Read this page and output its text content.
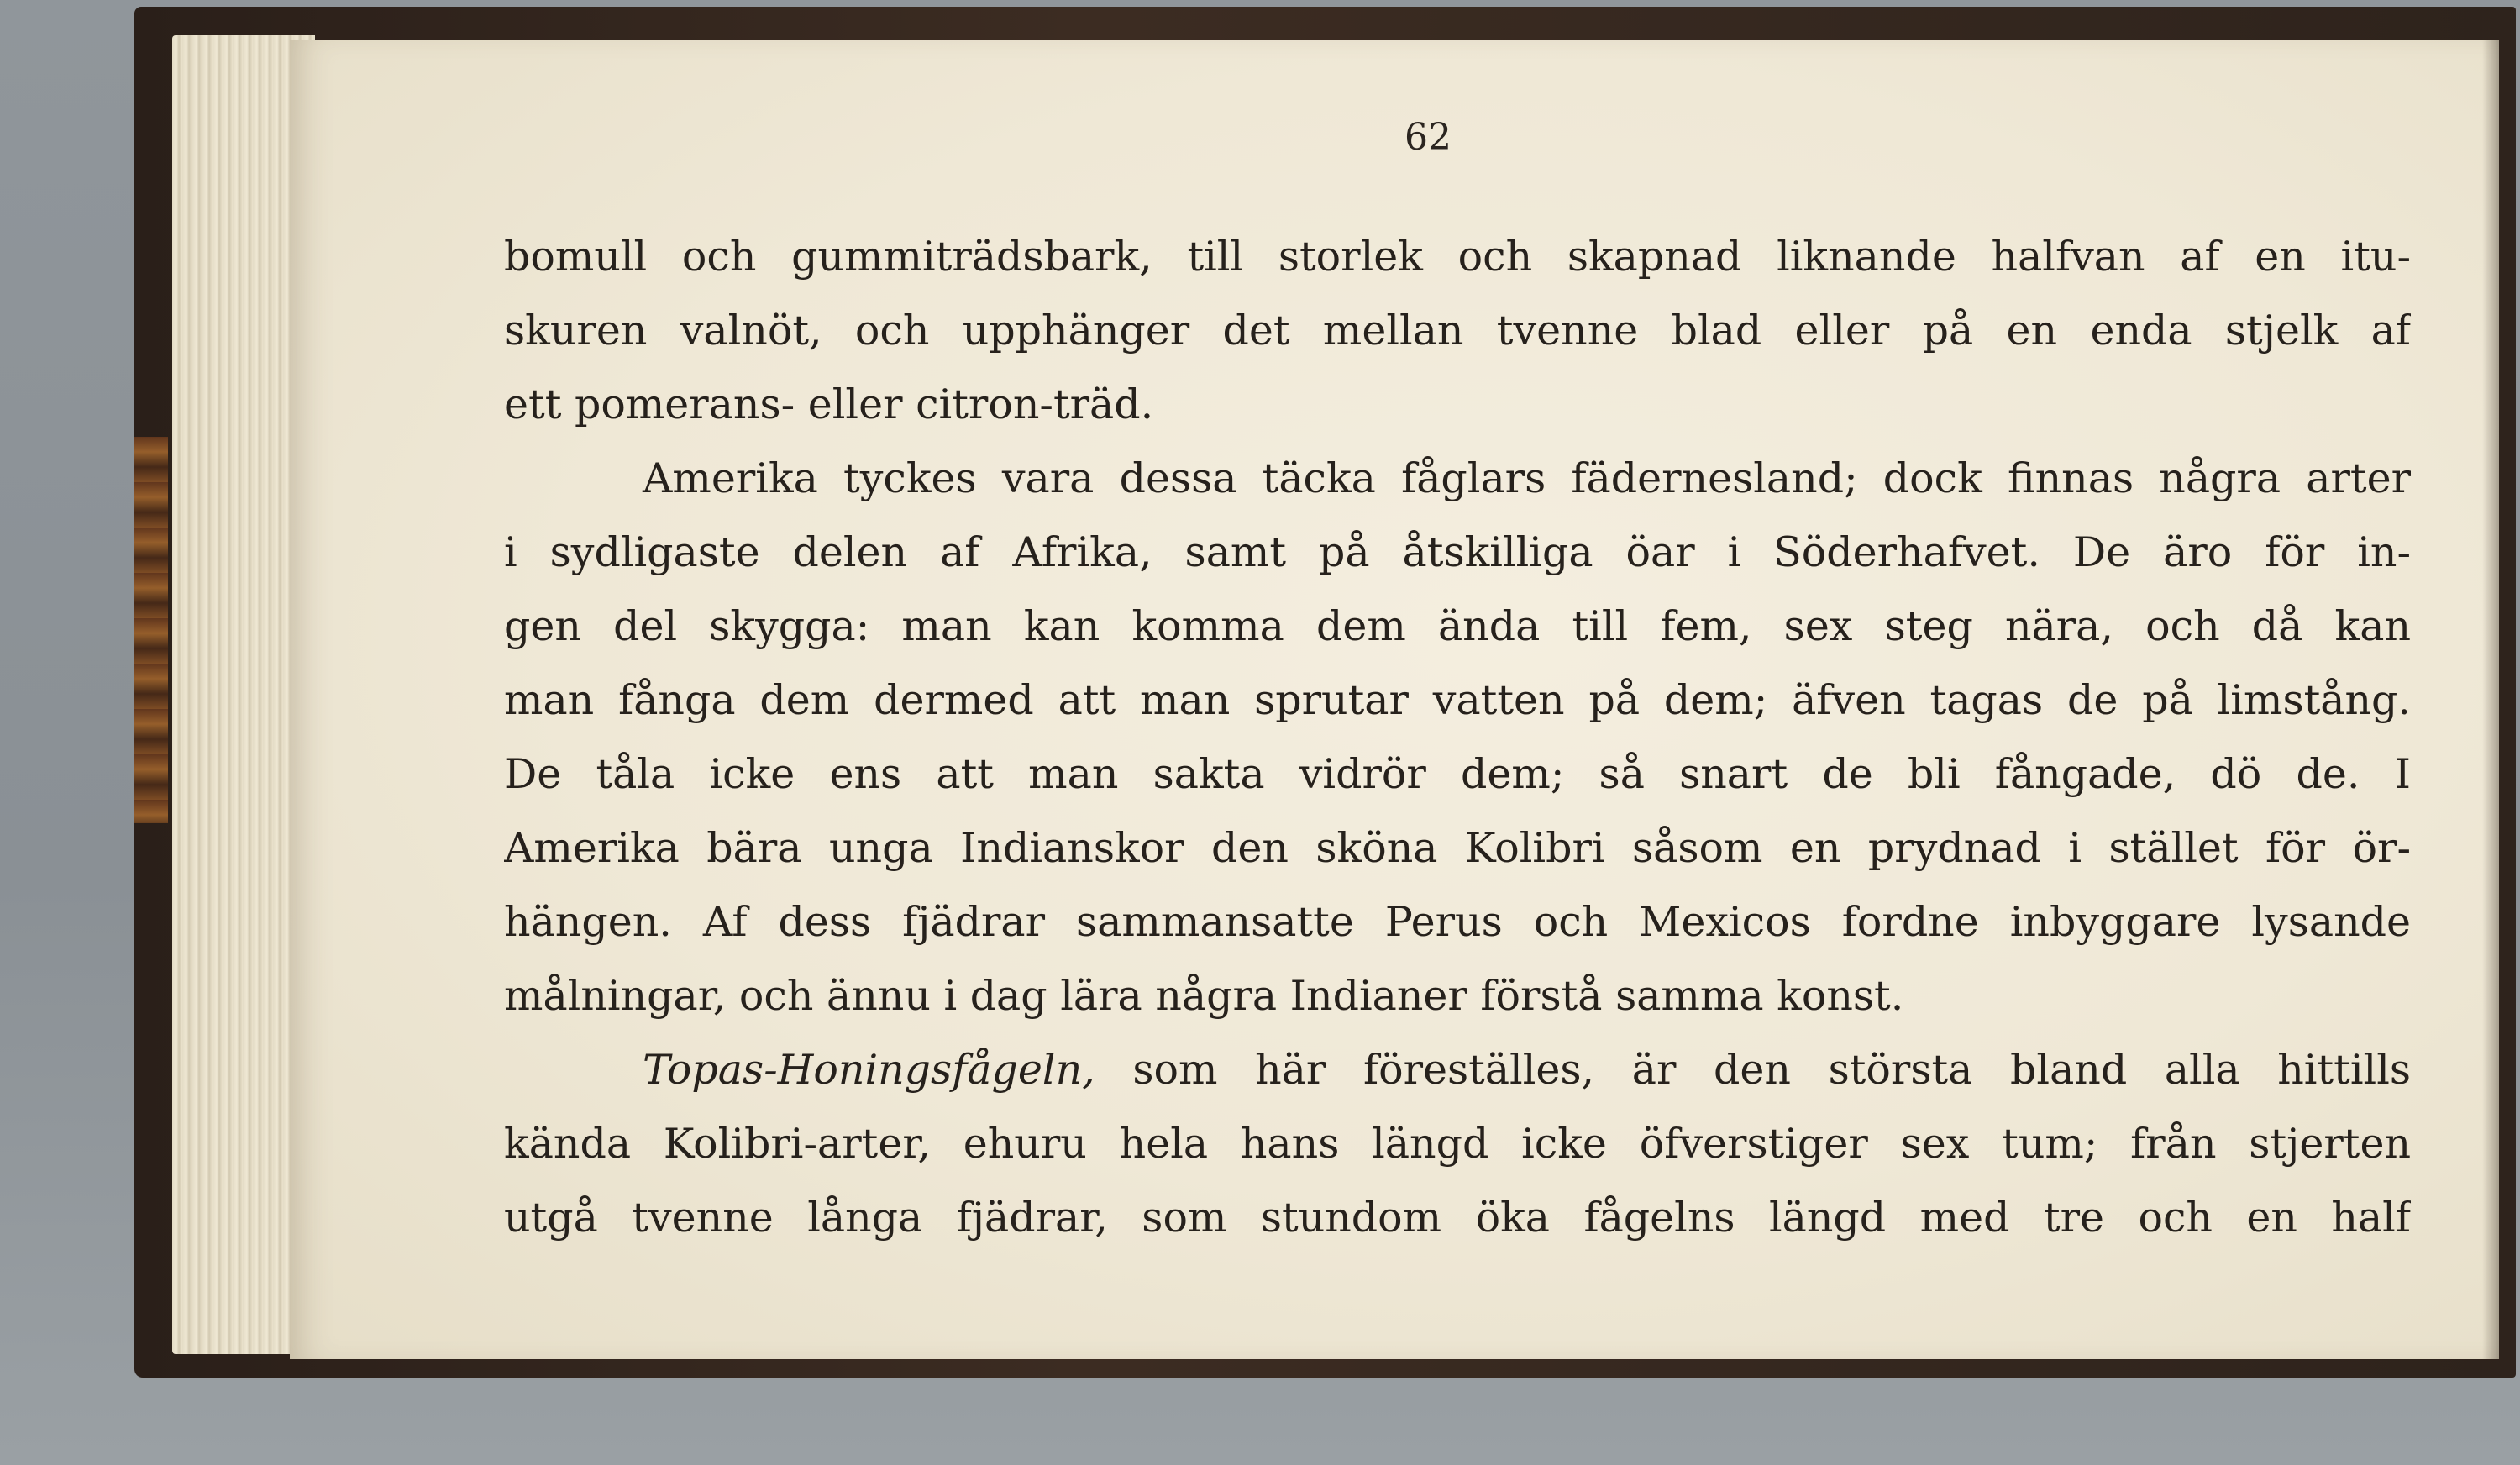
62
bomull och gummiträdsbark, till storlek och skapnad liknande halfvan af en itu-
skuren valnöt, och upphänger det mellan tvenne blad eller på en enda stjelk af
ett pomerans- eller citron-träd.
Amerika tyckes vara dessa täcka fåglars fädernesland; dock finnas några arter
i sydligaste delen af Afrika, samt på åtskilliga öar i Söderhafvet. De äro för in-
gen del skygga: man kan komma dem ända till fem, sex steg nära, och då kan
man fånga dem dermed att man sprutar vatten på dem; äfven tagas de på limstång.
De tåla icke ens att man sakta vidrör dem; så snart de bli fångade, dö de. I
Amerika bära unga Indianskor den sköna Kolibri såsom en prydnad i stället för ör-
hängen. Af dess fjädrar sammansatte Perus och Mexicos fordne inbyggare lysande
målningar, och ännu i dag lära några Indianer förstå samma konst.
Topas-Honingsfågeln, som här föreställes, är den största bland alla hittills
kända Kolibri-arter, ehuru hela hans längd icke öfverstiger sex tum; från stjerten
utgå tvenne långa fjädrar, som stundom öka fågelns längd med tre och en half
